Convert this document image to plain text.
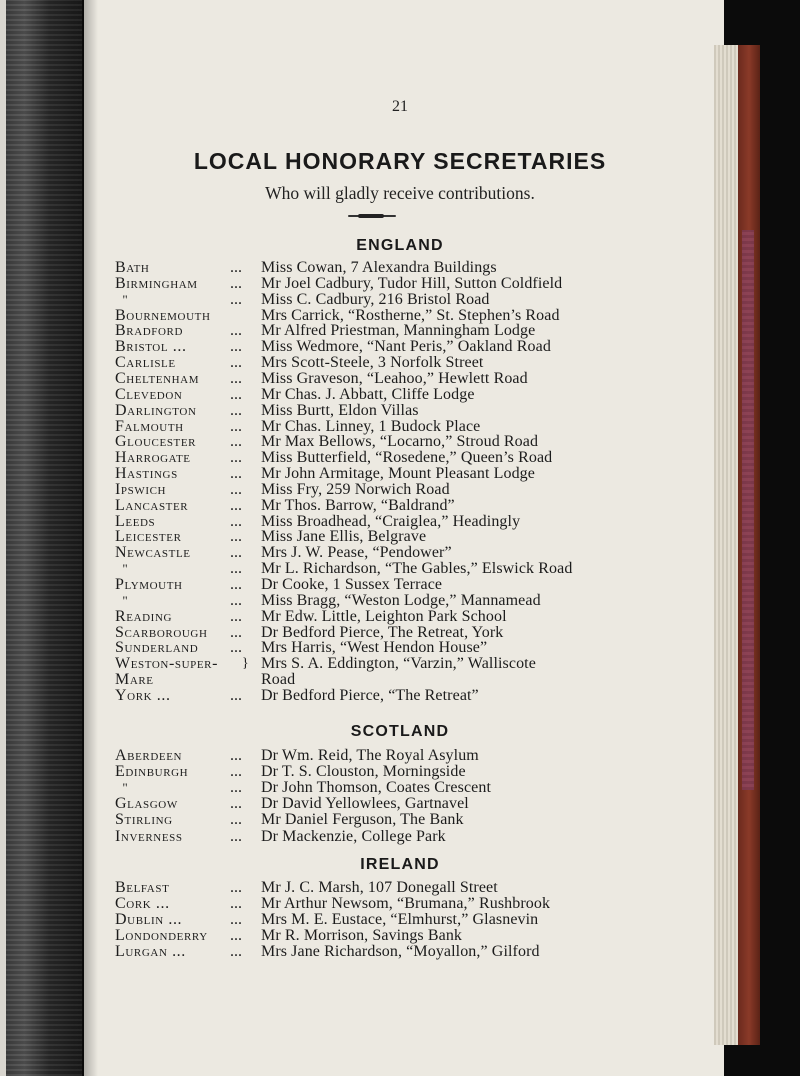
21
LOCAL HONORARY SECRETARIES
Who will gladly receive contributions.
ENGLAND
Bath	...	Miss Cowan, 7 Alexandra Buildings
Birmingham ...	Mr Joel Cadbury, Tudor Hill, Sutton Coldfield
"	...	Miss C. Cadbury, 216 Bristol Road
Bournemouth	Mrs Carrick, “Rostherne,” St. Stephen’s Road
Bradford	...	Mr Alfred Priestman, Manningham Lodge
Bristol ...	...	Miss Wedmore, “Nant Peris,” Oakland Road
Carlisle	...	Mrs Scott-Steele, 3 Norfolk Street
Cheltenham ...	Miss Graveson, “Leahoo,” Hewlett Road
Clevedon	...	Mr Chas. J. Abbatt, Cliffe Lodge
Darlington ...	Miss Burtt, Eldon Villas
Falmouth	...	Mr Chas. Linney, 1 Budock Place
Gloucester ...	Mr Max Bellows, “Locarno,” Stroud Road
Harrogate ...	Miss Butterfield, “Rosedene,” Queen’s Road
Hastings	...	Mr John Armitage, Mount Pleasant Lodge
Ipswich	...	Miss Fry, 259 Norwich Road
Lancaster	...	Mr Thos. Barrow, “Baldrand”
Leeds	...	Miss Broadhead, “Craiglea,” Headingly
Leicester	...	Miss Jane Ellis, Belgrave
Newcastle ...	Mrs J. W. Pease, “Pendower”
"	...	Mr L. Richardson, “The Gables,” Elswick Road
Plymouth	...	Dr Cooke, 1 Sussex Terrace
"	...	Miss Bragg, “Weston Lodge,” Mannamead
Reading	...	Mr Edw. Little, Leighton Park School
Scarborough ...	Dr Bedford Pierce, The Retreat, York
Sunderland ...	Mrs Harris, “West Hendon House”
Weston-super- } Mrs S. A. Eddington, “Varzin,” Walliscote
Mare	Road
York ...	...	Dr Bedford Pierce, “The Retreat”
SCOTLAND
Aberdeen	...	Dr Wm. Reid, The Royal Asylum
Edinburgh	...	Dr T. S. Clouston, Morningside
"	...	Dr John Thomson, Coates Crescent
Glasgow	...	Dr David Yellowlees, Gartnavel
Stirling	...	Mr Daniel Ferguson, The Bank
Inverness	...	Dr Mackenzie, College Park
IRELAND
Belfast	...	Mr J. C. Marsh, 107 Donegall Street
Cork ...	...	Mr Arthur Newsom, “Brumana,” Rushbrook
Dublin ...	...	Mrs M. E. Eustace, “Elmhurst,” Glasnevin
Londonderry ...	Mr R. Morrison, Savings Bank
Lurgan ...	...	Mrs Jane Richardson, “Moyallon,” Gilford
